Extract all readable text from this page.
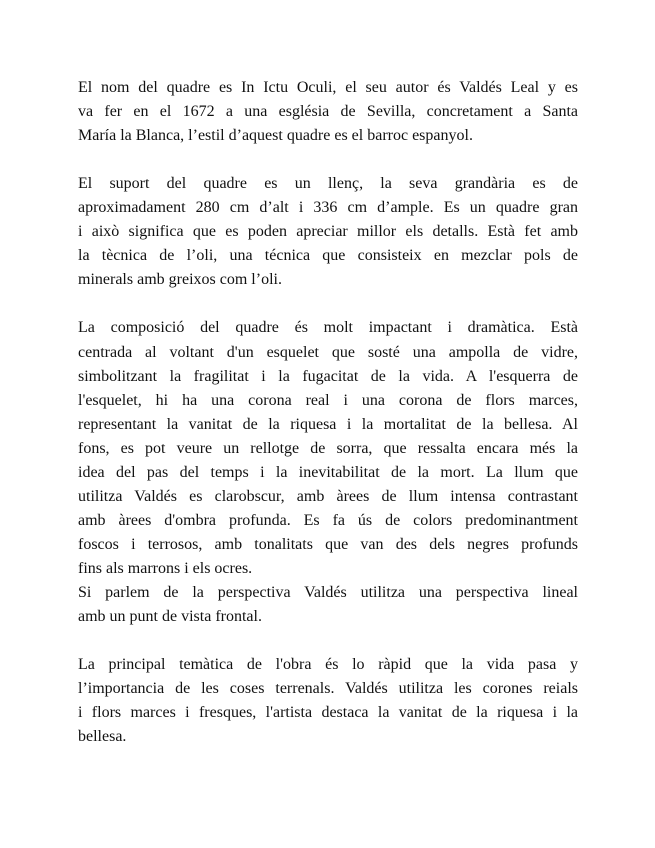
El nom del quadre es In Ictu Oculi, el seu autor és Valdés Leal y es
va fer en el 1672 a una església de Sevilla, concretament a Santa
María la Blanca, l’estil d’aquest quadre es el barroc espanyol.

El suport del quadre es un llenç, la seva grandària es de
aproximadament 280 cm d’alt i 336 cm d’ample. Es un quadre gran
i això significa que es poden apreciar millor els detalls. Està fet amb
la tècnica de l’oli, una técnica que consisteix en mezclar pols de
minerals amb greixos com l’oli.

La composició del quadre és molt impactant i dramàtica. Està
centrada al voltant d'un esquelet que sosté una ampolla de vidre,
simbolitzant la fragilitat i la fugacitat de la vida. A l'esquerra de
l'esquelet, hi ha una corona real i una corona de flors marces,
representant la vanitat de la riquesa i la mortalitat de la bellesa. Al
fons, es pot veure un rellotge de sorra, que ressalta encara més la
idea del pas del temps i la inevitabilitat de la mort. La llum que
utilitza Valdés es clarobscur, amb àrees de llum intensa contrastant
amb àrees d'ombra profunda. Es fa ús de colors predominantment
foscos i terrosos, amb tonalitats que van des dels negres profunds
fins als marrons i els ocres.

Si parlem de la perspectiva Valdés utilitza una perspectiva lineal
amb un punt de vista frontal.

La principal temàtica de l'obra és lo ràpid que la vida pasa y
l’importancia de les coses terrenals. Valdés utilitza les corones reials
i flors marces i fresques, l'artista destaca la vanitat de la riquesa i la
bellesa.
